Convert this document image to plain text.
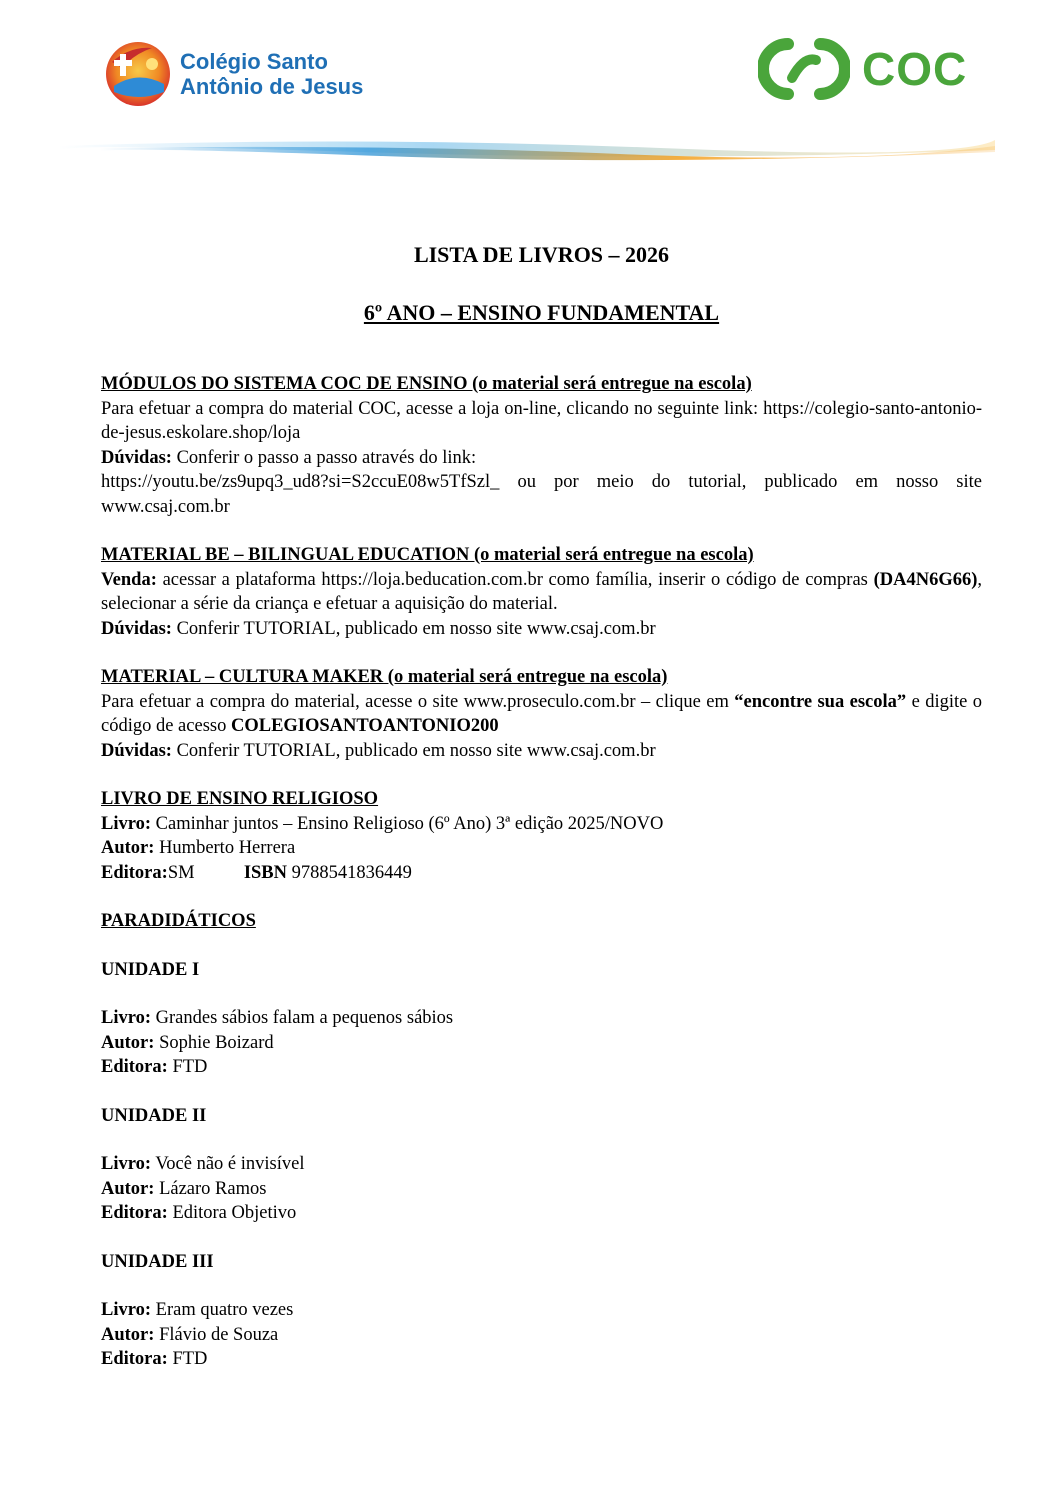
Colégio Santo
Antônio de Jesus	COC

LISTA DE LIVROS – 2026

6º ANO – ENSINO FUNDAMENTAL

MÓDULOS DO SISTEMA COC DE ENSINO (o material será entregue na escola)

Para efetuar a compra do material COC, acesse a loja on-line, clicando no seguinte link: https://colegio-santo-antonio-de-jesus.eskolare.shop/loja

Dúvidas: Conferir o passo a passo através do link:

https://youtu.be/zs9upq3_ud8?si=S2ccuE08w5TfSzl_ ou por meio do tutorial, publicado em nosso site www.csaj.com.br

MATERIAL BE – BILINGUAL EDUCATION (o material será entregue na escola)

Venda: acessar a plataforma https://loja.beducation.com.br como família, inserir o código de compras (DA4N6G66), selecionar a série da criança e efetuar a aquisição do material.

Dúvidas: Conferir TUTORIAL, publicado em nosso site www.csaj.com.br

MATERIAL – CULTURA MAKER (o material será entregue na escola)

Para efetuar a compra do material, acesse o site www.proseculo.com.br – clique em “encontre sua escola” e digite o código de acesso COLEGIOSANTOANTONIO200

Dúvidas: Conferir TUTORIAL, publicado em nosso site www.csaj.com.br

LIVRO DE ENSINO RELIGIOSO

Livro: Caminhar juntos – Ensino Religioso (6º Ano) 3ª edição 2025/NOVO

Autor: Humberto Herrera

Editora:SM	ISBN 9788541836449

PARADIDÁTICOS

UNIDADE I

Livro: Grandes sábios falam a pequenos sábios

Autor: Sophie Boizard

Editora: FTD

UNIDADE II

Livro: Você não é invisível

Autor: Lázaro Ramos

Editora: Editora Objetivo

UNIDADE III

Livro: Eram quatro vezes

Autor: Flávio de Souza

Editora: FTD
